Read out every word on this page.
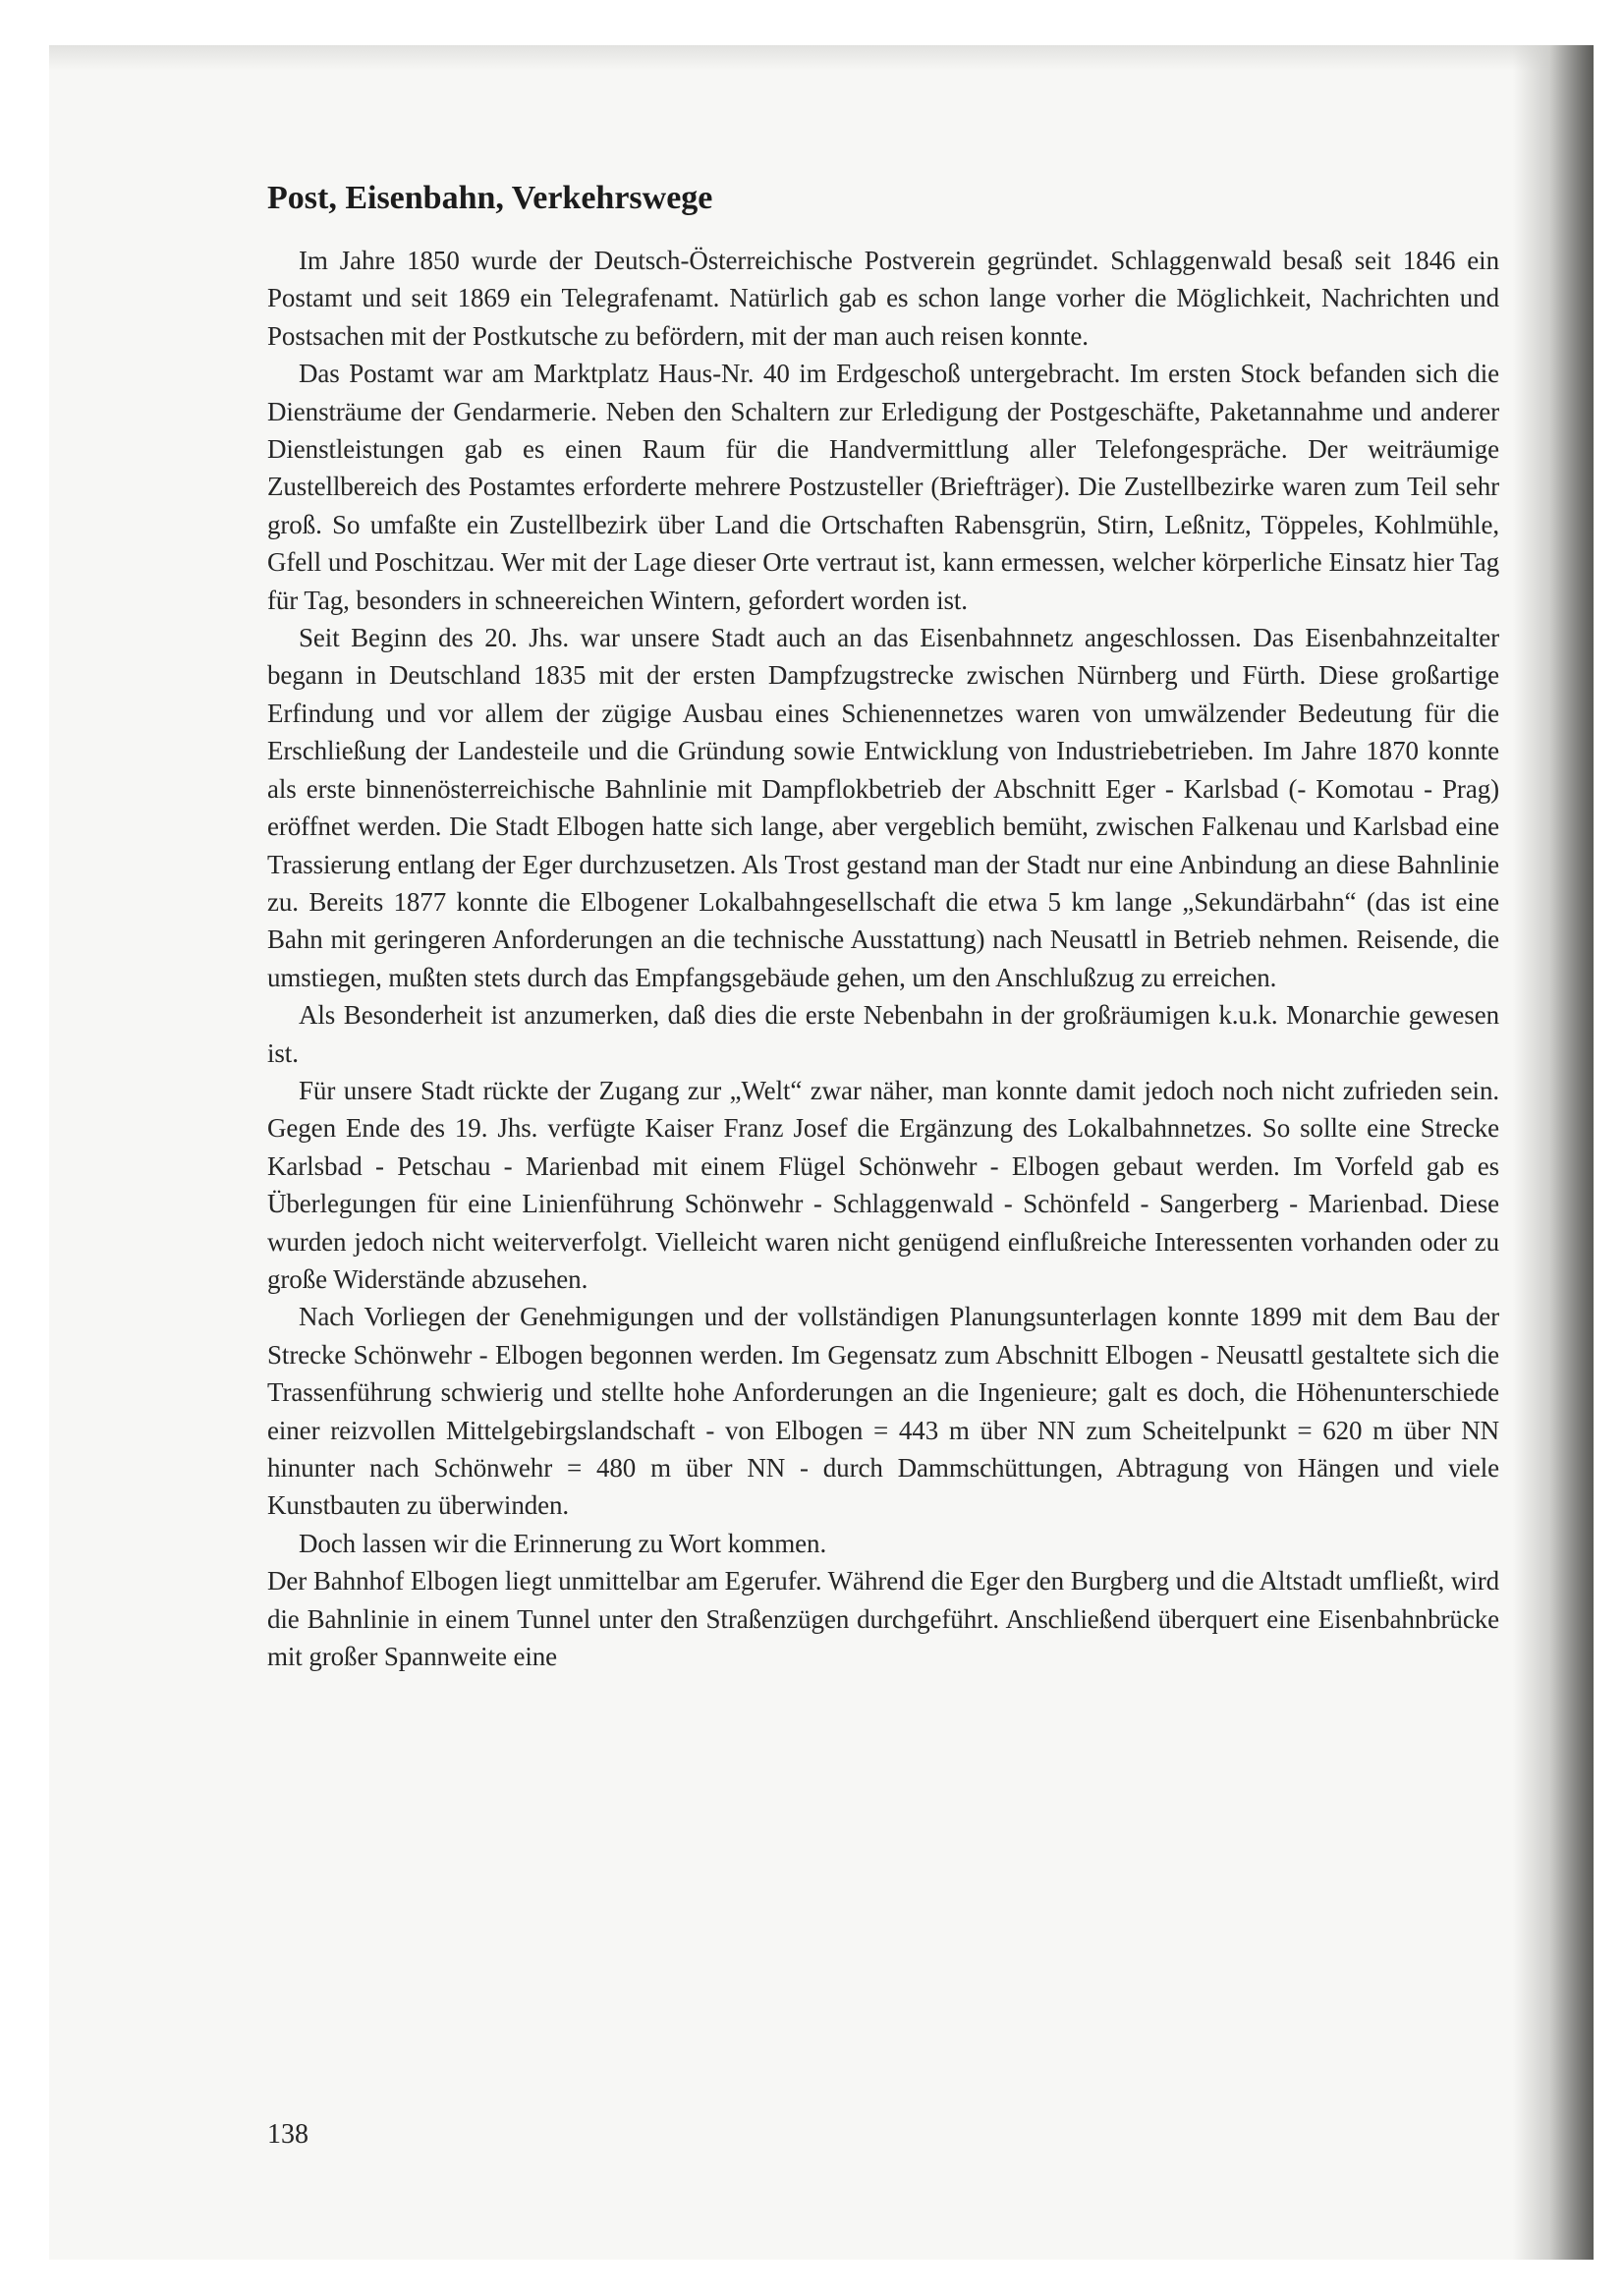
Post, Eisenbahn, Verkehrswege

Im Jahre 1850 wurde der Deutsch-Österreichische Postverein gegründet. Schlaggenwald besaß seit 1846 ein Postamt und seit 1869 ein Telegrafenamt. Natürlich gab es schon lange vorher die Möglichkeit, Nachrichten und Postsachen mit der Postkutsche zu befördern, mit der man auch reisen konnte.

Das Postamt war am Marktplatz Haus-Nr. 40 im Erdgeschoß untergebracht. Im ersten Stock befanden sich die Diensträume der Gendarmerie. Neben den Schaltern zur Erledigung der Postgeschäfte, Paketannahme und anderer Dienstleistungen gab es einen Raum für die Handvermittlung aller Telefongespräche. Der weiträumige Zustellbereich des Postamtes erforderte mehrere Postzusteller (Briefträger). Die Zustellbezirke waren zum Teil sehr groß. So umfaßte ein Zustellbezirk über Land die Ortschaften Rabensgrün, Stirn, Leßnitz, Töppeles, Kohlmühle, Gfell und Poschitzau. Wer mit der Lage dieser Orte vertraut ist, kann ermessen, welcher körperliche Einsatz hier Tag für Tag, besonders in schneereichen Wintern, gefordert worden ist.

Seit Beginn des 20. Jhs. war unsere Stadt auch an das Eisenbahnnetz angeschlossen. Das Eisenbahnzeitalter begann in Deutschland 1835 mit der ersten Dampfzugstrecke zwischen Nürnberg und Fürth. Diese großartige Erfindung und vor allem der zügige Ausbau eines Schienennetzes waren von umwälzender Bedeutung für die Erschließung der Landesteile und die Gründung sowie Entwicklung von Industriebetrieben. Im Jahre 1870 konnte als erste binnenösterreichische Bahnlinie mit Dampflokbetrieb der Abschnitt Eger - Karlsbad (- Komotau - Prag) eröffnet werden. Die Stadt Elbogen hatte sich lange, aber vergeblich bemüht, zwischen Falkenau und Karlsbad eine Trassierung entlang der Eger durchzusetzen. Als Trost gestand man der Stadt nur eine Anbindung an diese Bahnlinie zu. Bereits 1877 konnte die Elbogener Lokalbahngesellschaft die etwa 5 km lange „Sekundärbahn“ (das ist eine Bahn mit geringeren Anforderungen an die technische Ausstattung) nach Neusattl in Betrieb nehmen. Reisende, die umstiegen, mußten stets durch das Empfangsgebäude gehen, um den Anschlußzug zu erreichen.

Als Besonderheit ist anzumerken, daß dies die erste Nebenbahn in der großräumigen k.u.k. Monarchie gewesen ist.

Für unsere Stadt rückte der Zugang zur „Welt“ zwar näher, man konnte damit jedoch noch nicht zufrieden sein. Gegen Ende des 19. Jhs. verfügte Kaiser Franz Josef die Ergänzung des Lokalbahnnetzes. So sollte eine Strecke Karlsbad - Petschau - Marienbad mit einem Flügel Schönwehr - Elbogen gebaut werden. Im Vorfeld gab es Überlegungen für eine Linienführung Schönwehr - Schlaggenwald - Schönfeld - Sangerberg - Marienbad. Diese wurden jedoch nicht weiterverfolgt. Vielleicht waren nicht genügend einflußreiche Interessenten vorhanden oder zu große Widerstände abzusehen.

Nach Vorliegen der Genehmigungen und der vollständigen Planungsunterlagen konnte 1899 mit dem Bau der Strecke Schönwehr - Elbogen begonnen werden. Im Gegensatz zum Abschnitt Elbogen - Neusattl gestaltete sich die Trassenführung schwierig und stellte hohe Anforderungen an die Ingenieure; galt es doch, die Höhenunterschiede einer reizvollen Mittelgebirgslandschaft - von Elbogen = 443 m über NN zum Scheitelpunkt = 620 m über NN hinunter nach Schönwehr = 480 m über NN - durch Dammschüttungen, Abtragung von Hängen und viele Kunstbauten zu überwinden.

Doch lassen wir die Erinnerung zu Wort kommen.

Der Bahnhof Elbogen liegt unmittelbar am Egerufer. Während die Eger den Burgberg und die Altstadt umfließt, wird die Bahnlinie in einem Tunnel unter den Straßenzügen durchgeführt. Anschließend überquert eine Eisenbahnbrücke mit großer Spannweite eine

138
